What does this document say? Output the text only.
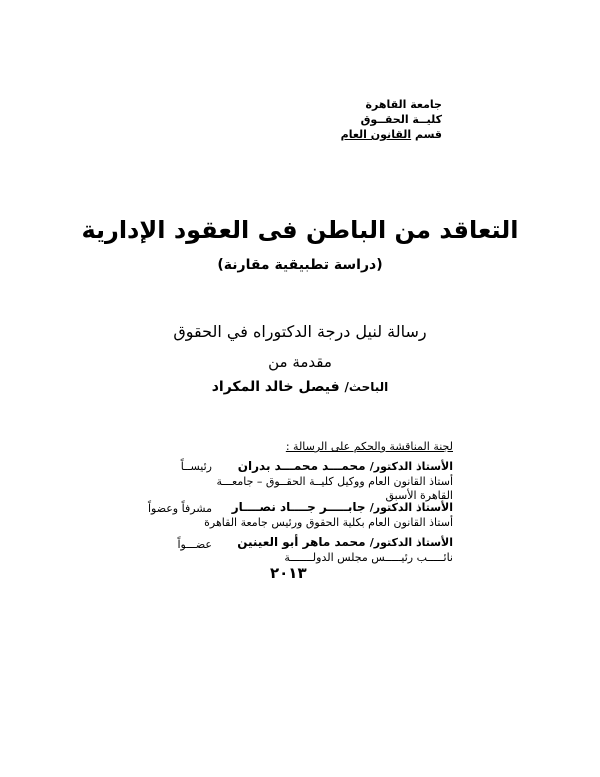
جامعة القاهرة
كليــة الحقــوق
قسم القانون العام
التعاقد من الباطن فى العقود الإدارية
(دراسة تطبيقية مقارنة)
رسالة لنيل درجة الدكتوراه في الحقوق
مقدمة من
الباحث/ فيصل خالد المكراد
لجنة المناقشة والحكم على الرسالة :
الأستاذ الدكتور/ محمـــد محمـــد بدران
أستاذ القانون العام ووكيل كليــة الحقــوق – جامعـــة
القاهرة الأسبق
رئيســاً
الأستاذ الدكتور/ جابـــــر جــــاد نصــــار
أستاذ القانون العام بكلية الحقوق ورئيس جامعة القاهرة
مشرفاً وعضواً
الأستاذ الدكتور/ محمد ماهر أبو العينين
نائـــــب رئيـــــس مجلس الدولـــــــة
عضـــواً
٢٠١٣
